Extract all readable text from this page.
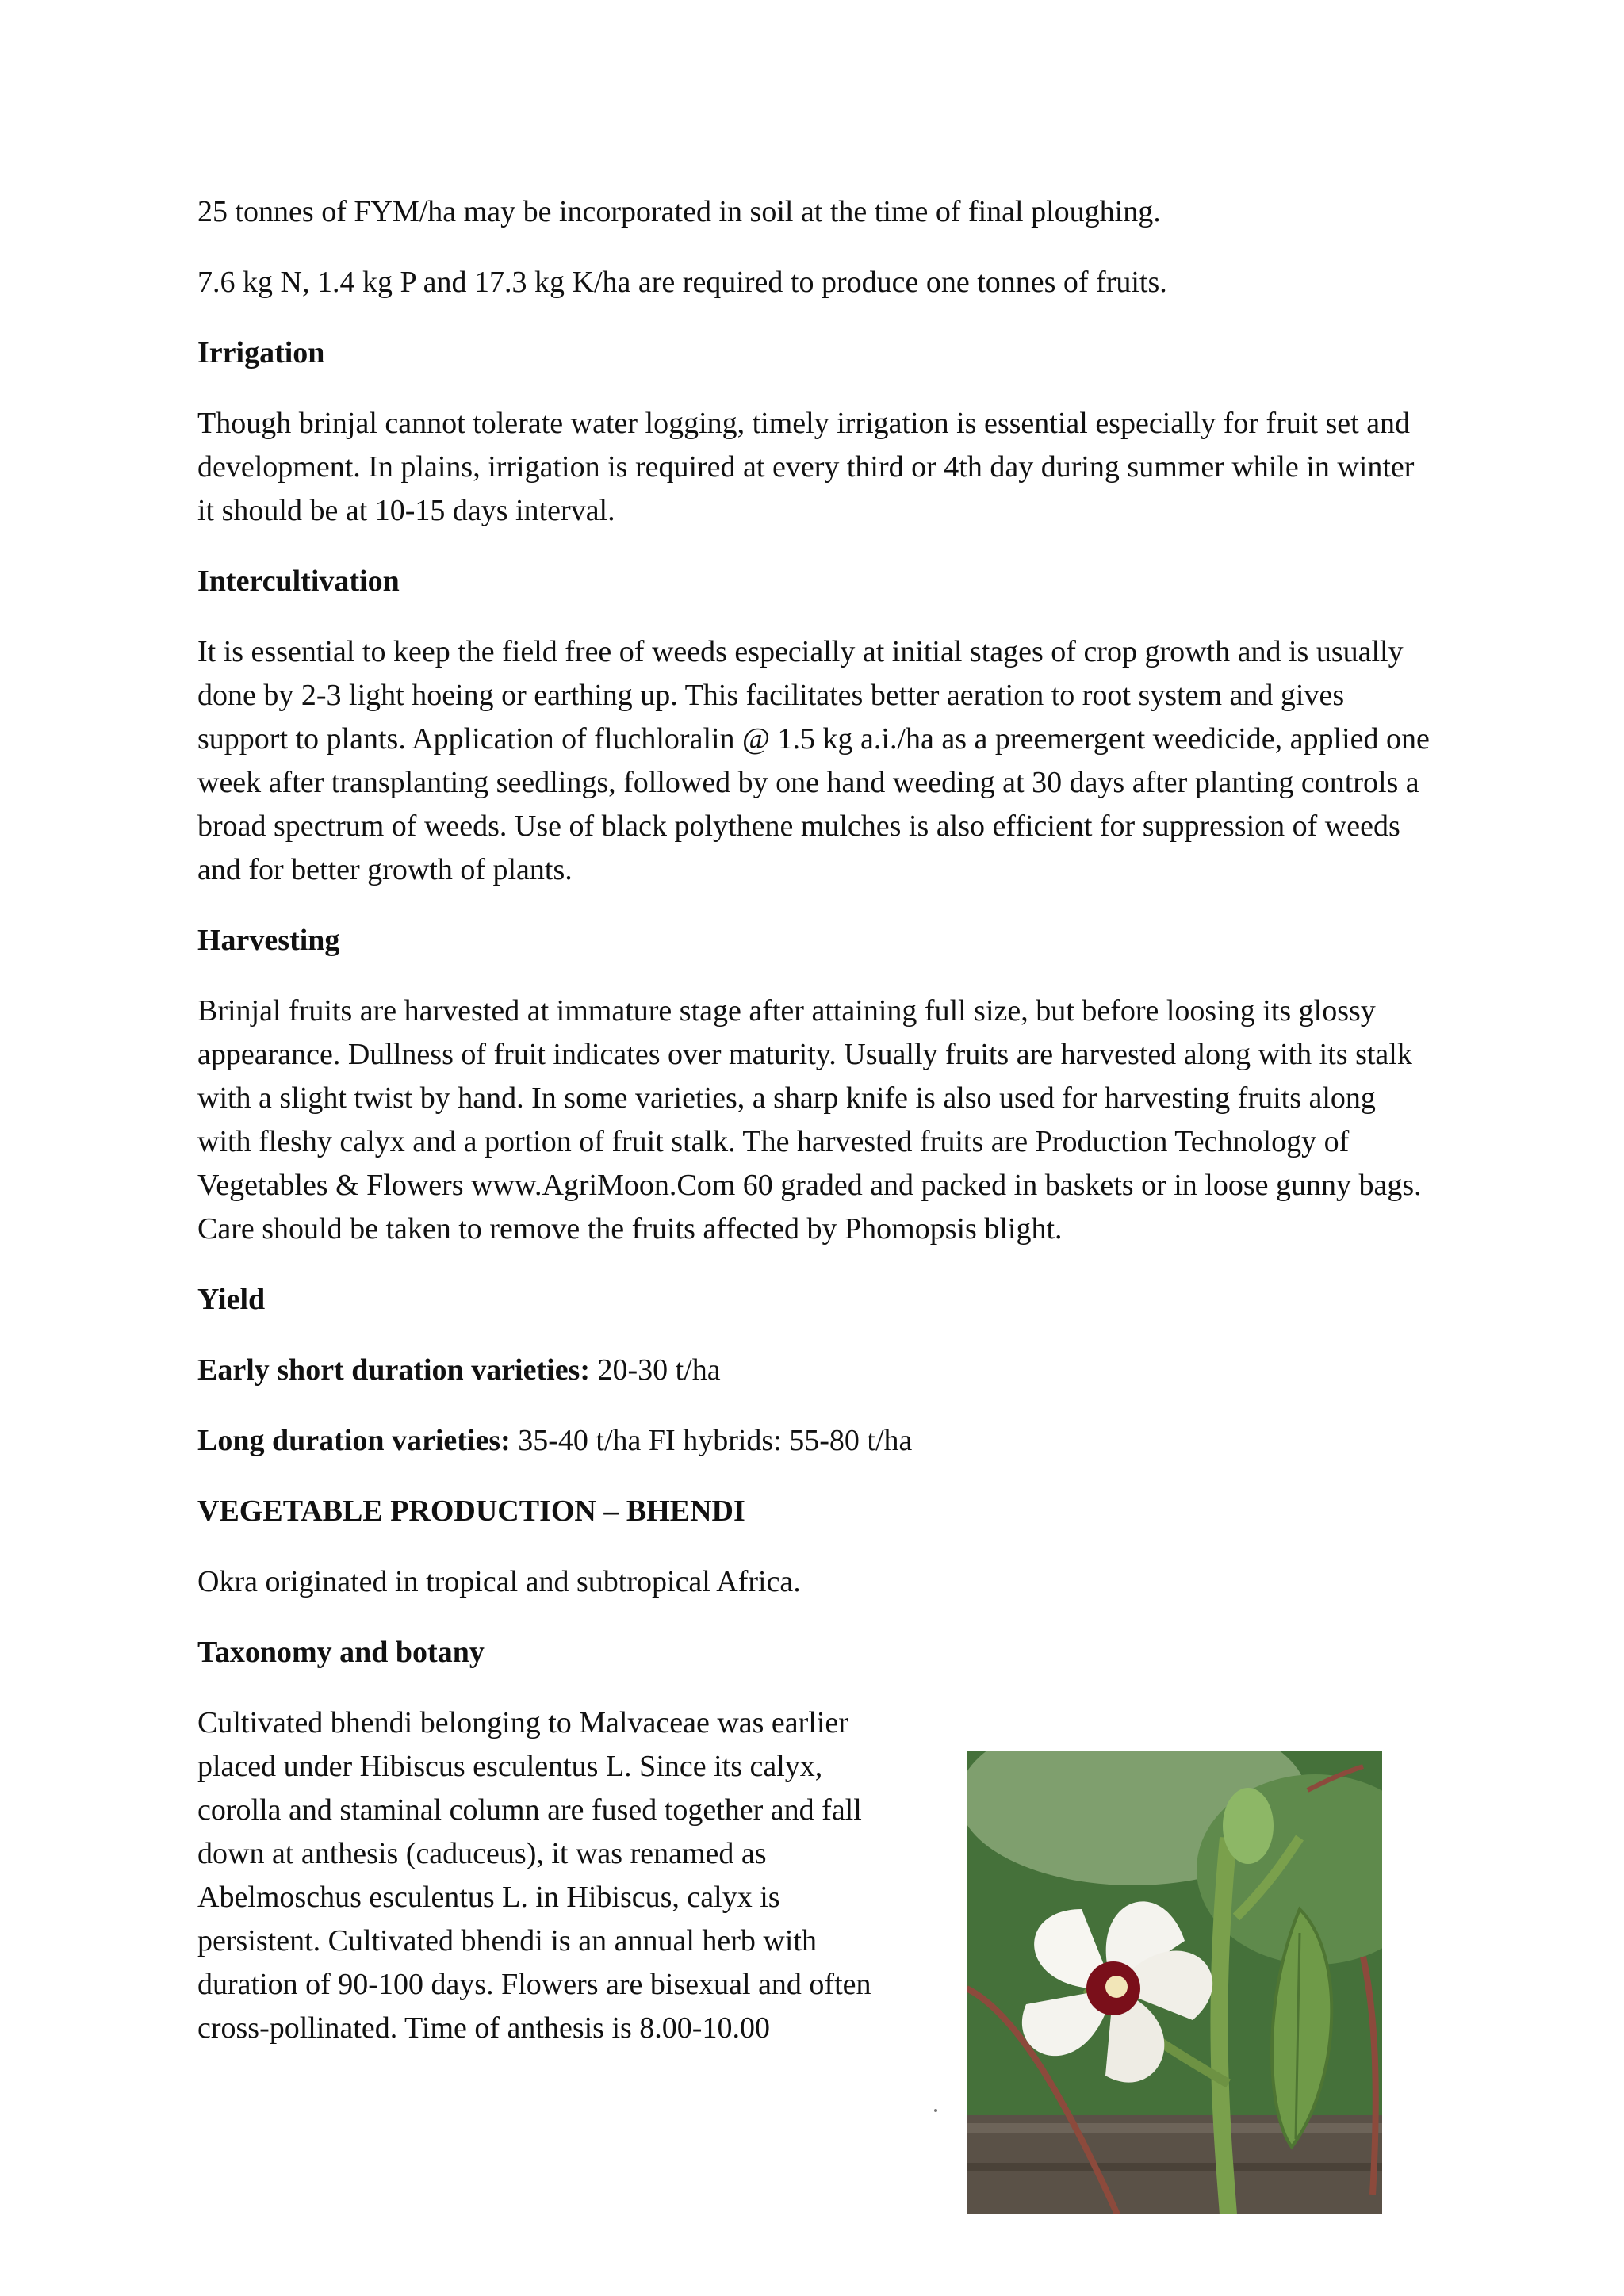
25 tonnes of FYM/ha may be incorporated in soil at the time of final ploughing.

7.6 kg N, 1.4 kg P and 17.3 kg K/ha are required to produce one tonnes of fruits.

Irrigation

Though brinjal cannot tolerate water logging, timely irrigation is essential especially for fruit set and development. In plains, irrigation is required at every third or 4th day during summer while in winter it should be at 10-15 days interval.

Intercultivation

It is essential to keep the field free of weeds especially at initial stages of crop growth and is usually done by 2-3 light hoeing or earthing up. This facilitates better aeration to root system and gives support to plants. Application of fluchloralin @ 1.5 kg a.i./ha as a preemergent weedicide, applied one week after transplanting seedlings, followed by one hand weeding at 30 days after planting controls a broad spectrum of weeds. Use of black polythene mulches is also efficient for suppression of weeds and for better growth of plants.

Harvesting

Brinjal fruits are harvested at immature stage after attaining full size, but before loosing its glossy appearance. Dullness of fruit indicates over maturity. Usually fruits are harvested along with its stalk with a slight twist by hand. In some varieties, a sharp knife is also used for harvesting fruits along with fleshy calyx and a portion of fruit stalk. The harvested fruits are Production Technology of Vegetables & Flowers www.AgriMoon.Com 60 graded and packed in baskets or in loose gunny bags. Care should be taken to remove the fruits affected by Phomopsis blight.

Yield

Early short duration varieties: 20-30 t/ha

Long duration varieties: 35-40 t/ha FI hybrids: 55-80 t/ha

VEGETABLE PRODUCTION – BHENDI

Okra originated in tropical and subtropical Africa.

Taxonomy and botany

Cultivated bhendi belonging to Malvaceae was earlier placed under Hibiscus esculentus L. Since its calyx, corolla and staminal column are fused together and fall down at anthesis (caduceus), it was renamed as Abelmoschus esculentus L. in Hibiscus, calyx is persistent. Cultivated bhendi is an annual herb with duration of 90-100 days. Flowers are bisexual and often cross-pollinated. Time of anthesis is 8.00-10.00
